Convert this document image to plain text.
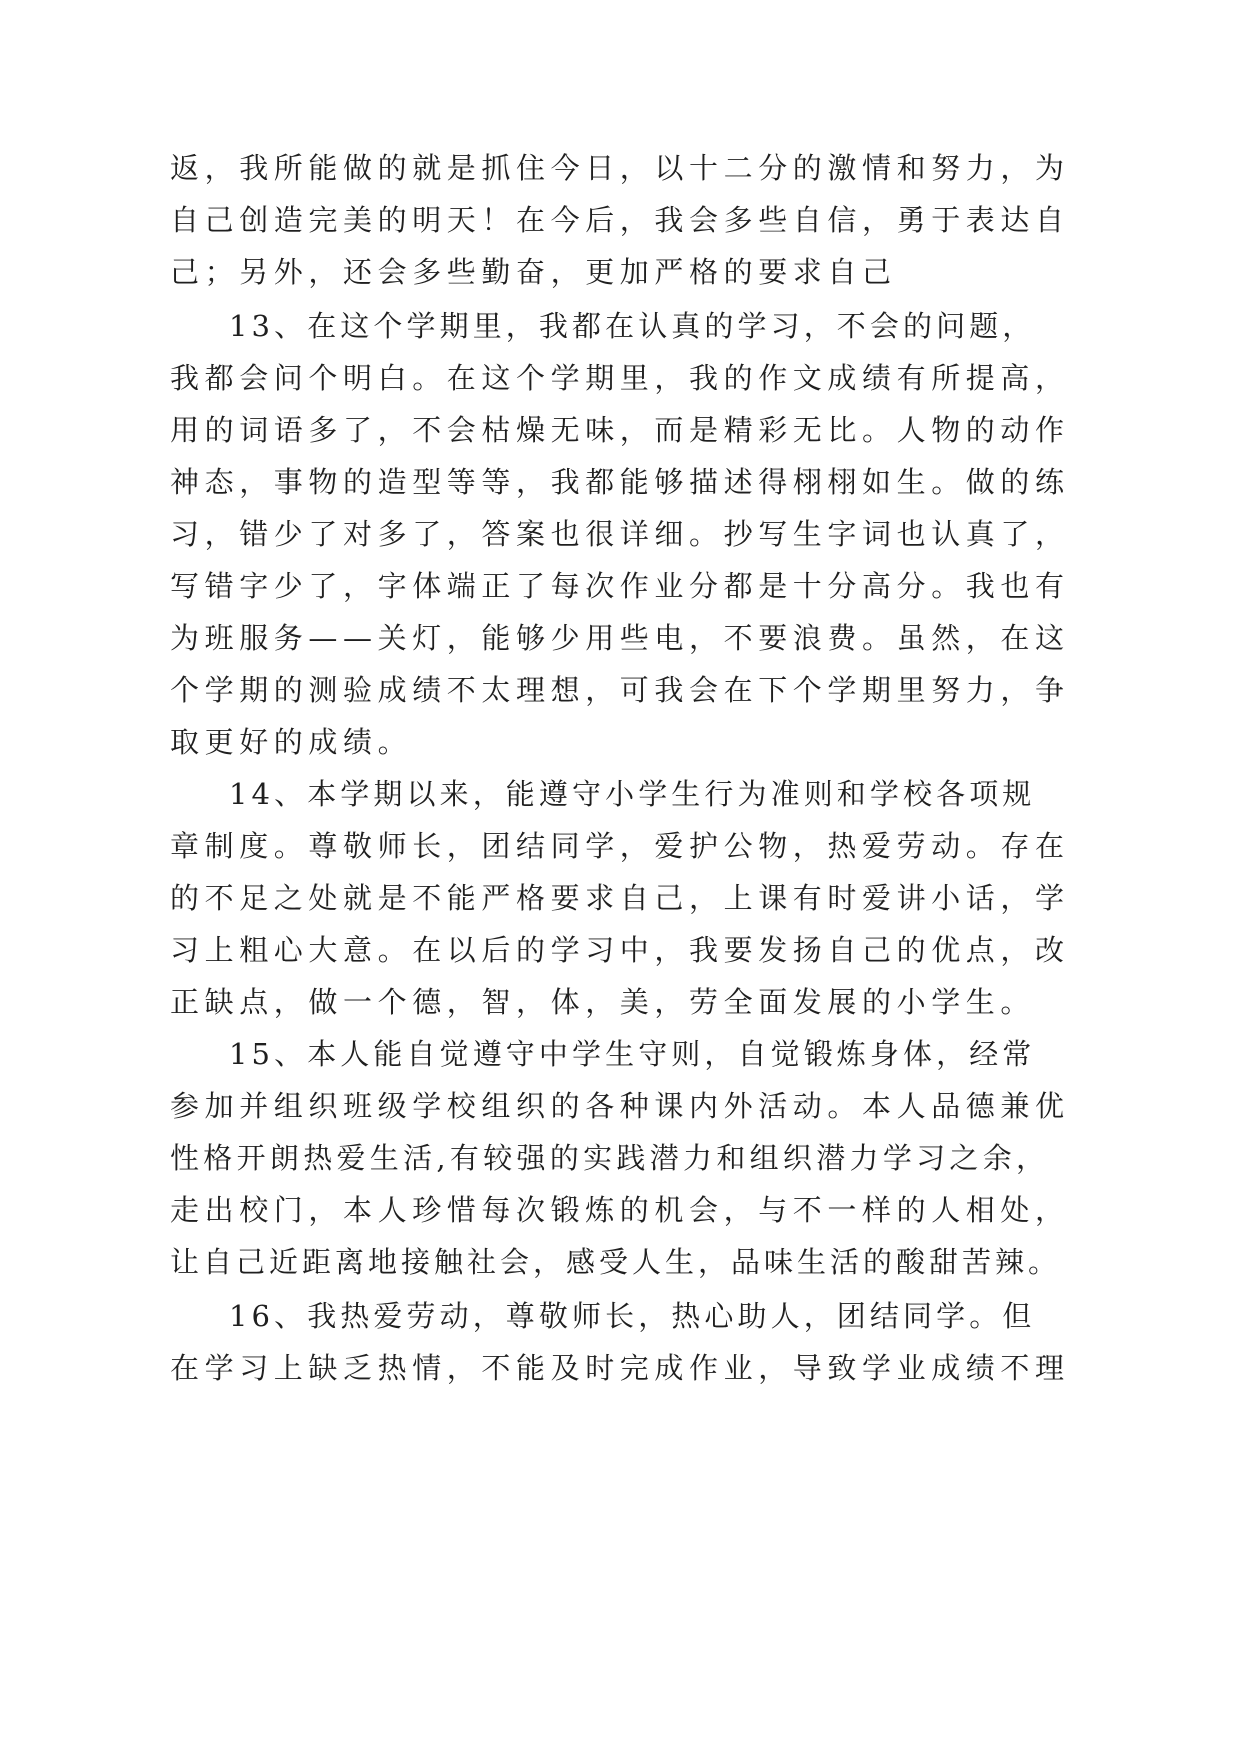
返，我所能做的就是抓住今日，以十二分的激情和努力，为

自己创造完美的明天！在今后，我会多些自信，勇于表达自

己；另外，还会多些勤奋，更加严格的要求自己

13、在这个学期里，我都在认真的学习，不会的问题，

我都会问个明白。在这个学期里，我的作文成绩有所提高，

用的词语多了，不会枯燥无味，而是精彩无比。人物的动作

神态，事物的造型等等，我都能够描述得栩栩如生。做的练

习，错少了对多了，答案也很详细。抄写生字词也认真了，

写错字少了，字体端正了每次作业分都是十分高分。我也有

为班服务——关灯，能够少用些电，不要浪费。虽然，在这

个学期的测验成绩不太理想，可我会在下个学期里努力，争

取更好的成绩。

14、本学期以来，能遵守小学生行为准则和学校各项规

章制度。尊敬师长，团结同学，爱护公物，热爱劳动。存在

的不足之处就是不能严格要求自己，上课有时爱讲小话，学

习上粗心大意。在以后的学习中，我要发扬自己的优点，改

正缺点，做一个德，智，体，美，劳全面发展的小学生。

15、本人能自觉遵守中学生守则，自觉锻炼身体，经常

参加并组织班级学校组织的各种课内外活动。本人品德兼优

性格开朗热爱生活,有较强的实践潜力和组织潜力学习之余，

走出校门，本人珍惜每次锻炼的机会，与不一样的人相处，

让自己近距离地接触社会，感受人生，品味生活的酸甜苦辣。

16、我热爱劳动，尊敬师长，热心助人，团结同学。但

在学习上缺乏热情，不能及时完成作业，导致学业成绩不理
